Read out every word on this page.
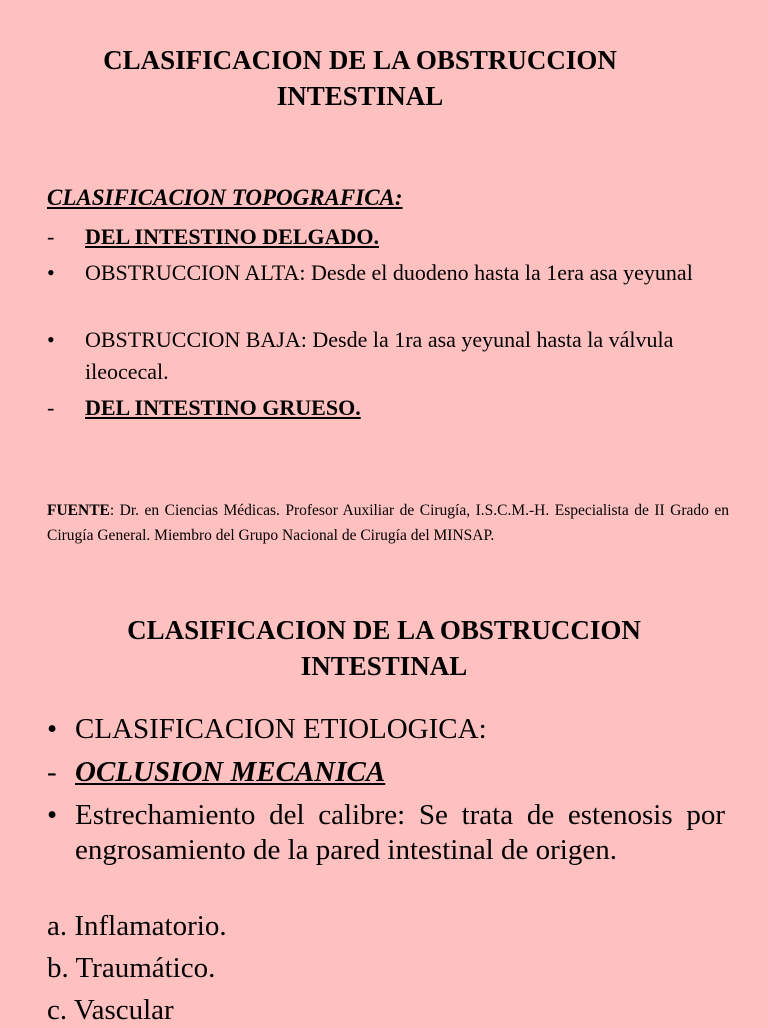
CLASIFICACION DE LA OBSTRUCCION
INTESTINAL

CLASIFICACION TOPOGRAFICA:

-	DEL INTESTINO DELGADO.
•	OBSTRUCCION ALTA: Desde el duodeno hasta la 1era asa yeyunal
•	OBSTRUCCION BAJA: Desde la 1ra asa yeyunal hasta la válvula ileocecal.
-	DEL INTESTINO GRUESO.

FUENTE: Dr. en Ciencias Médicas. Profesor Auxiliar de Cirugía, I.S.C.M.-H. Especialista de II Grado en Cirugía General. Miembro del Grupo Nacional de Cirugía del MINSAP.

CLASIFICACION DE LA OBSTRUCCION
INTESTINAL
• CLASIFICACION ETIOLOGICA:
- OCLUSION MECANICA
• Estrechamiento del calibre: Se trata de estenosis por engrosamiento de la pared intestinal de origen.
a. Inflamatorio.
b. Traumático.
c. Vascular
